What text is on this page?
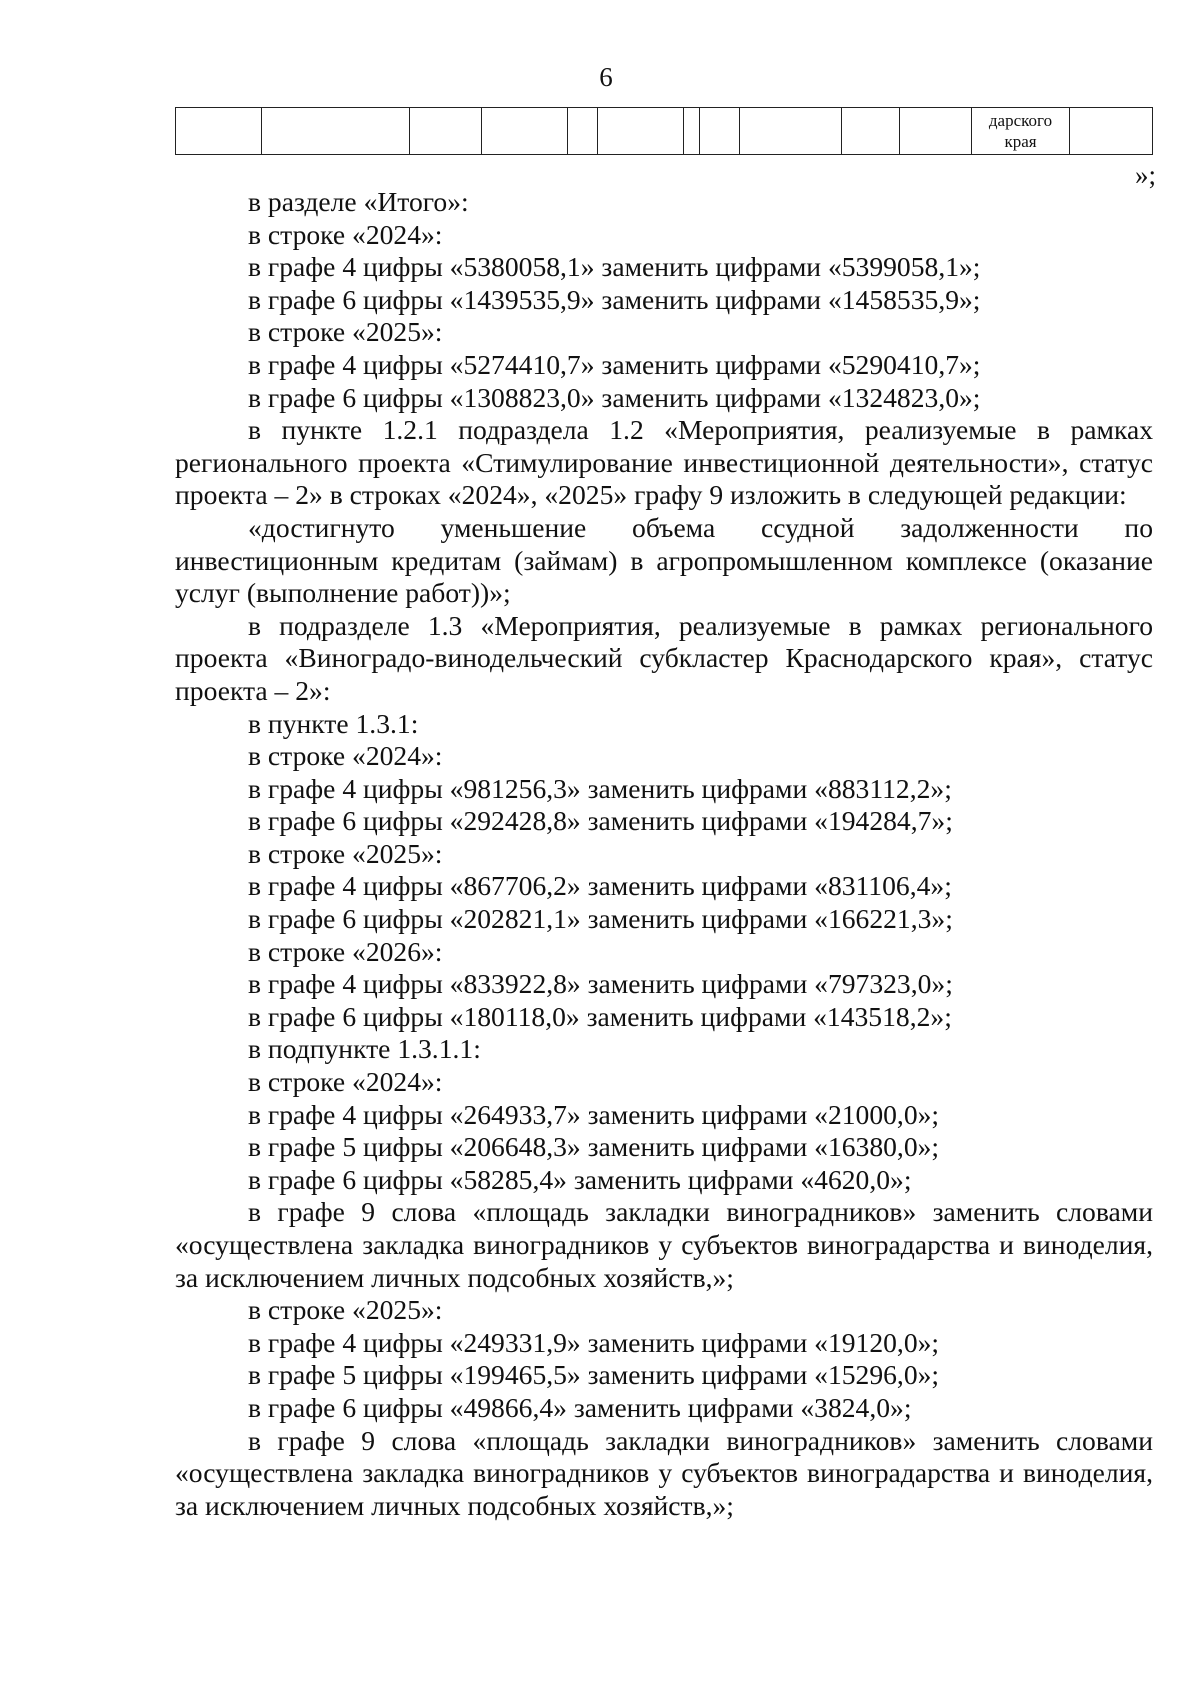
6

дарского
края

»;

в разделе «Итого»:

в строке «2024»:

в графе 4 цифры «5380058,1» заменить цифрами «5399058,1»;

в графе 6 цифры «1439535,9» заменить цифрами «1458535,9»;

в строке «2025»:

в графе 4 цифры «5274410,7» заменить цифрами «5290410,7»;

в графе 6 цифры «1308823,0» заменить цифрами «1324823,0»;

в пункте 1.2.1 подраздела 1.2 «Мероприятия, реализуемые в рамках регионального проекта «Стимулирование инвестиционной деятельности», статус проекта – 2» в строках «2024», «2025» графу 9 изложить в следующей редакции:

«достигнуто уменьшение объема ссудной задолженности по инвестиционным кредитам (займам) в агропромышленном комплексе (оказание услуг (выполнение работ))»;

в подразделе 1.3 «Мероприятия, реализуемые в рамках регионального проекта «Виноградо-винодельческий субкластер Краснодарского края», статус проекта – 2»:

в пункте 1.3.1:

в строке «2024»:

в графе 4 цифры «981256,3» заменить цифрами «883112,2»;

в графе 6 цифры «292428,8» заменить цифрами «194284,7»;

в строке «2025»:

в графе 4 цифры «867706,2» заменить цифрами «831106,4»;

в графе 6 цифры «202821,1» заменить цифрами «166221,3»;

в строке «2026»:

в графе 4 цифры «833922,8» заменить цифрами «797323,0»;

в графе 6 цифры «180118,0» заменить цифрами «143518,2»;

в подпункте 1.3.1.1:

в строке «2024»:

в графе 4 цифры «264933,7» заменить цифрами «21000,0»;

в графе 5 цифры «206648,3» заменить цифрами «16380,0»;

в графе 6 цифры «58285,4» заменить цифрами «4620,0»;

в графе 9 слова «площадь закладки виноградников» заменить словами «осуществлена закладка виноградников у субъектов виноградарства и виноделия, за исключением личных подсобных хозяйств,»;

в строке «2025»:

в графе 4 цифры «249331,9» заменить цифрами «19120,0»;

в графе 5 цифры «199465,5» заменить цифрами «15296,0»;

в графе 6 цифры «49866,4» заменить цифрами «3824,0»;

в графе 9 слова «площадь закладки виноградников» заменить словами «осуществлена закладка виноградников у субъектов виноградарства и виноделия, за исключением личных подсобных хозяйств,»;
